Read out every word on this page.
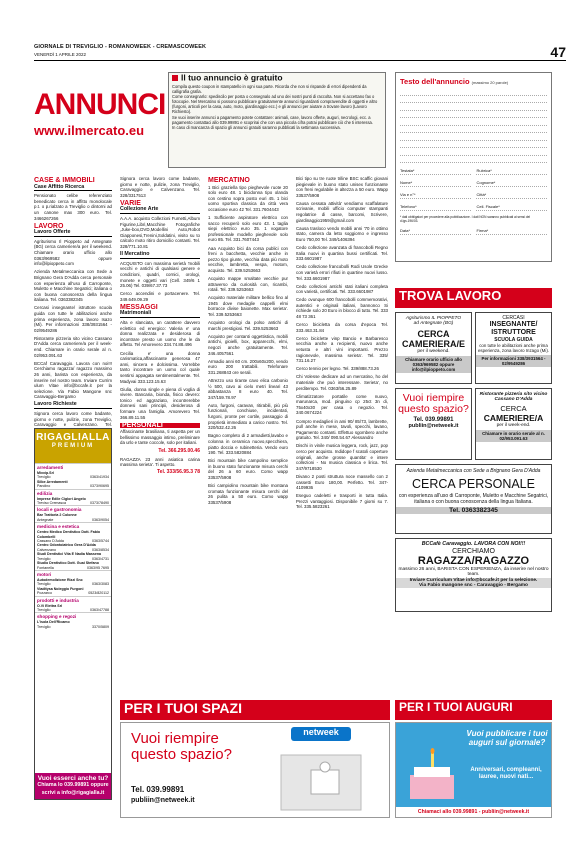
GIORNALE DI TREVIGLIO - ROMANOWEEK - CREMASCOWEEK
VENERDÌ 1 APRILE 2022	47
ANNUNCI
www.ilmercato.eu
Il tuo annuncio è gratuito

Compila questo coupon in stampatello in ogni sua parte. Ricorda che non si rispande di errori dipendenti da calligrafia grafia.

Come consegnarlo: spediscilo per posta o consegnalo ad uno dei nostri punti di raccolta. Non si accettano fax o fotocopie. Nel Mercatino si possono pubblicare gratuitamente annunci riguardanti compravendite di oggetti e altro (furgoni, articoli per la casa, auto, moto, giardinaggio ecc.) e gli annunci per aiutare a trovare lavoro (Lavoro Richiesto).

Se vuoi inserire annunci a pagamento potete contattare: animali, case, lavoro offerte, auguri, necrologi, ecc. a pagamento contattaci allo 039.99891 e scoprirai che con una piccola cifra potrai pubblicare ciò che ti interessa.

In caso di mancanza di spazio gli annunci gratuiti saranno pubblicati la settimana successiva.

Testo dell'annuncio (massimo 20 parole)
Testata*	Rubrica*
Nome*	Cognome*
Via e n°*	Città*
Telefono*	Cell. Fiscale*
* dati obbligatori per procedere alla pubblicazione. I dati NON saranno pubblicati ai sensi del d.lgs.196/03.
Data*	Firma*
CASE & IMMOBILI
Case Affitto Ricerca

Pensionato celibe referenziato benedicato cerca in affitto monolocale p.t. o p.rialzato a Treviglio o dintorni ad un canone max 300 euro. Tel. 3466267266

LAVORO
Lavoro Offerte

Agriturismo Il Pioppeto ad Antegnate (BG) cerca cameriere/a per il weekend. Chiamare orario ufficio allo 0363/969582 oppure info@ilpioppeto.com

Azienda Metalmeccanica con Sede a Brignano Gera D'Adda cerca personale con esperienza all'uso di Carroponte, Muletto e Macchine Segatrici; italiana o con buona conoscenza della lingua italiana. Tel. 0363382345

Cercasi insegnante/ istruttore scuola guida con tutte le abilitazioni anche prima esperienza, zona lavoro Isazo (Mi). Per informazioni 338/3931564 - 02/9549286

Ristorante pizzeria sito vicino Cassano D'Adda cerca cameriere/a per il week-end. Chiamare in orario serale al n. 02/953.091.63

BCCaf Caravaggio. Lavora con noi!!! Cerchiamo ragazza/ ragazzo massimo 26 anni, barista con esperienza, da inserire nel nostro team. Inviare Currim ulum Vitae info@bccafe.it per la selezione. Via Fabio Mangone snc Caravaggio-Bergamo

Lavoro Richieste

Signora cerca lavoro come badante, giorno e notte, pulizie, zona Treviglio, Caravaggio e Calvenzano. Tel.

RIGAGLIALLA
PREMIUM
arredamenti
Mixxip.Srl
Treviglio	0363/41934
Silbe Arredamenti
Pandino	0373/90695
edilizia
Imprese Edile Ciglori Angelo
Treviso Cremasca	0373/78490
locali e gastronomia
Bar Trattoria 2 Colonne
Antegnate	0363/9054
medicina e estetica
Centro Medico Dentistico Dott. Fabio Colombelli
Cassano D'Adda	0363/5744
Centro Odontoiatrico Gera D'Adda
Calvenzano	0363/8534
Studi Dentistici Vita E Nadia Massena
Treviglio	0363/4731
Studio Dentistico Dott. Guai Stefano
Fontanella	0363/95 7695
motori
Autodemolizione Rizzi Snc
Treviglio	0363/3083
Viaditysa Noleggio Furgoni
Pozzarco	0523/820112
prodotti e industria
O.Vi Elettra Srl
Treviglio	0363/47788
shopping e regozi
L'isola Dell'Ricamo
Treviglio	3370/5809
Vuoi esserci anche tu?
Chiama lo 039.99891 oppure
scrivi a info@rigagialla.it

Signora cerca lavoro come badante, giorno e notte, pulizie, zona Treviglio, Caravaggio e Calvenzano. Tel. 328/3317513

VARIE
Collezione Arte

A.A.A. acquisto Collezioni Fumetti,Album Figurine,Libri,Macchine Fotografiche ,Juke-box,DVD,Modellini Auto,Robot Giapponesi,Trenini,Soldatini, visito su to calcolo moto ritiro domicilio contanti. Tel. 328/771.10.81

Il Mercatino

ACQUISTO con massima serietà 'mobili vecchi e antichi di qualsiasi genere e condizioni, quadri, cornici, orologi, monete e oggetti vari (Cell. 349/6 1 25.06) Tel. 039/67.37.73

Cerco accendini e portacenere. Tel. 349.649.09.29

MESSAGGI
Matrimoniali

Alta e slanciata, un carattere davvero eclettico ed energico: Valeria e' una donna realizzata e desiderosa di incontrare presto un uomo che le da affetto. Tel Amorevero 334.74.88.496

Cecilia e' una donna carismatica,affascinante generosa 47 anni, sincera e dolcissima. Vorrebbe tanto incontrare un uomo col quale sentirsi appagata sentimentalmente. Tel. Madyvai 333.123.15.63

Giulia, donna single e piena di voglia di vivere. Bancaria, bionda, fisico devero: tonico ed aggraziato, incontrerebbe donnesi sani principii, desiderosa di formare una famiglia. Amorevero Tel. 366.89.11.55

PERSONALI

Affascinante brasiliana, ti aspetta per un bellissimo massaggio intimo, preliminare da urlo e tante coccole, solo per italiani.

Tel. 366.295.00.46

RAGAZZA 23 anni asiatica carina massima serieta'. Ti aspetto.

Tel. 333/56.95.3 78

MERCATINO

1 Bici graziella tipo pieghevole ruote 20 solo euro 48. 1 bicidonna tipo olanda con cestino sopra posto euri 45. 1 bici uomo sportiva classica da città vera occasione euro 42 Tel. 331.7604443

1 Sufficiente aspiratore elettrico con sacco recuperò solo euro 43. 1 taglia siepi elettrico euro 35. 1 vogatore professionale modello pieghevole solo euro 85. Tel. 331.7607443

Aaa Acquisto bici da corsa publici con freni a bacchetta, vecchie anche in pezzo tipo giunte, vecchia data più moto vecchie, lambretta, vespa, motom, acquisto. Tel. 339.5253663

Acquisto mappe smaltate vecchie pur attraverso da curiosità con, ricambi, rotali. Tel. 339.5253663

Acquisto materiale militare bellico fino al 1945 dove medaglie cappelli elmi borracce divise baionette. Max serieta'. Tel. 339.5253663

Acquisto orologi da polso antichi di marchi prestigiosi. Tel. 339.5253663

Acquisto per contanti oggettistica, mobili antichi, gioielli, box, apparecchi, elmi, negozi anche gratuitamente. Tel. 346.4057561

Armadio anni 60 cm. 200x60x200, vendo euro 200 trattabili. Telefonare 331.268843 ore serali.

Attrezzo uso tirante cavo elica carbonio ½ 500, cavo ai cielo metri lineari 43 abbastanza 8 euro 40. Tel. 347/159.78.97

Auto, furgoni, caravan, ritirabili, più più funzionali, conchiuse, incidentati, furgoni, pronte per cortile, passaggio di proprietà immediato a carico nostro. Tel. 320/532.42.26

Bagno completo di 2 armadietti,lavabo e colonna in ceramica nuovo,specchiera, piatto doccia e rubinetteria. Vendo euro 190. Tel. 333.5820884

Bici mountain bike campolino semplice in buono stato funzionante misura cerchi del 26 a 60 euro. Como wapp 33537/5908

Bici campiolino mountain bike montana cromata funzionante misura cerchi del 26 pulita a 50 euro. Como wapp 33537/5908

Bici tipo su tre ruote triline BSC scaffic giovani piegievale in buono stato unisex funzionante con freni regolabile in altezza a 50 euro. Wapp 33537/5908

Causa cessata attività' vendiamo scaffalature scrivanie, mobili ufficio computer stampanti regolatrice di casse, barcomi, Scrivere, giardinaggio1959@gmail.com

Causa trasloco vendo mobili anni '70 in ottimo stato, camera da letto soggiorno e ingresso Euro 750,00 Tel. 349/1406394

Cedo collezione avanzata di francobolli Regno Italia nuovi in quartina bussi certificati. Tel. 333.6601987

Cedo collezione francobolli Rodi Usole Grecke con varietà errori rifiuti in quartine nuovi lusso. Tel. 333.6601987

Cedo collezioni antichi stati italiani completa con varietà, certificati. Tel. 333.6601987

Cedo ovunque 600 francobolli commemorativi, autentici e originali italiani, bannonco Si richiede solo 20 Euro in blocco di tutto. Tel. 333 48 73 361

Cerco bicicletta da corsa d'epoca Tel. 333.463.31.84

Cerco biciclette vinp Bancio e Barbaresco vecchia anche a recipienti, nuovo anche vetusta e altri vini importanti. Prezzo ragionevole, massima serieta'. Tel. 335/ 731.16.27

Cerco tennio per legno. Tel. 339/888.73.26

Chi Volesse dedicare ad un mercatino, ho del materiale che può interessare. Serieta', no perditempo. Tel. 0363/56.25.89

Climatizzatore portatile come nuovo, marunarca, mod. pinguino cp 25ct 3n di, 75x40x30 per casa o negozio. Tel. 340.0674224

Compro medaglieri in ami 90/ 85/73, lambrette, pull anche in mese, tavoli, specchi, lavano, Pagamento contanti. Effettuo sgombero anche gratuito. Tel. 340/ 090.54.67 Alessandro

Dischi in vinile musica leggera, rock, jazz, pop cerco per acquisto. Indidope f scatoli coperture originali, anche grosse quantita' e intere collezioni - No musica classica e lirica. Tel. 347/9718530

Divano 2 posti struttura noce massello con 2 cassetti Euro 180,00. Perfetto. Tel. 347-4109936

Eseguo cadeletti e trasporti in tutta Italia. Prezzi vantaggiosi. Disponibile 7 giorni su 7. Tel. 335.5823261

TROVA LAVORO
Agriturismo IL PIOPPETO
ad Antegnate (BG)
CERCA
CAMERIERA/E
per il weekend.
Chiamare orario ufficio allo 0363/969582 oppure info@ilpioppeto.com
CERCASI
INSEGNANTE/ ISTRUTTORE
SCUOLA GUIDA
con tutte le abilitazioni anche prima esperienza, zona lavoro Inzago (Mi).
Per informazioni 338/3931564 - 02/9549286
Vuoi riempire questo spazio?
Tel. 039.99891
publiin@netweek.it
Ristorante pizzeria sito vicino Cassano D'Adda
CERCA
CAMERIERE/A
per il week-end.
Chiamare in orario serale al n. 02/953.091.63
Azienda Metalmeccanica con Sede a Brignano Gera D'Adda
CERCA PERSONALE
con esperienza all'uso di Carroponte, Muletto e Macchine Segatrici, italiana o con buona conoscenza della lingua Italiana.
Tel. 0363382345
BCCafè Caravaggio. LAVORA CON NOI!!!
CERCHIAMO
RAGAZZA/RAGAZZO
massimo 26 anni, BARISTA CON ESPERIENZA, da inserire nel nostro team.
Inviare Curriculum Vitae info@bccafe.it per la selezione.
Via Fabio mangone snc - Caravaggio - Bergamo
PER I TUOI SPAZI	PER I TUOI AUGURI
Vuoi riempire questo spazio?
Tel. 039.99891
publiin@netweek.it
netweek	Vuoi pubblicare i tuoi auguri sul giornale?
Anniversari, compleanni, lauree, nuovi nati...
Chiamaci allo 039.99891 - publiin@netweek.it
